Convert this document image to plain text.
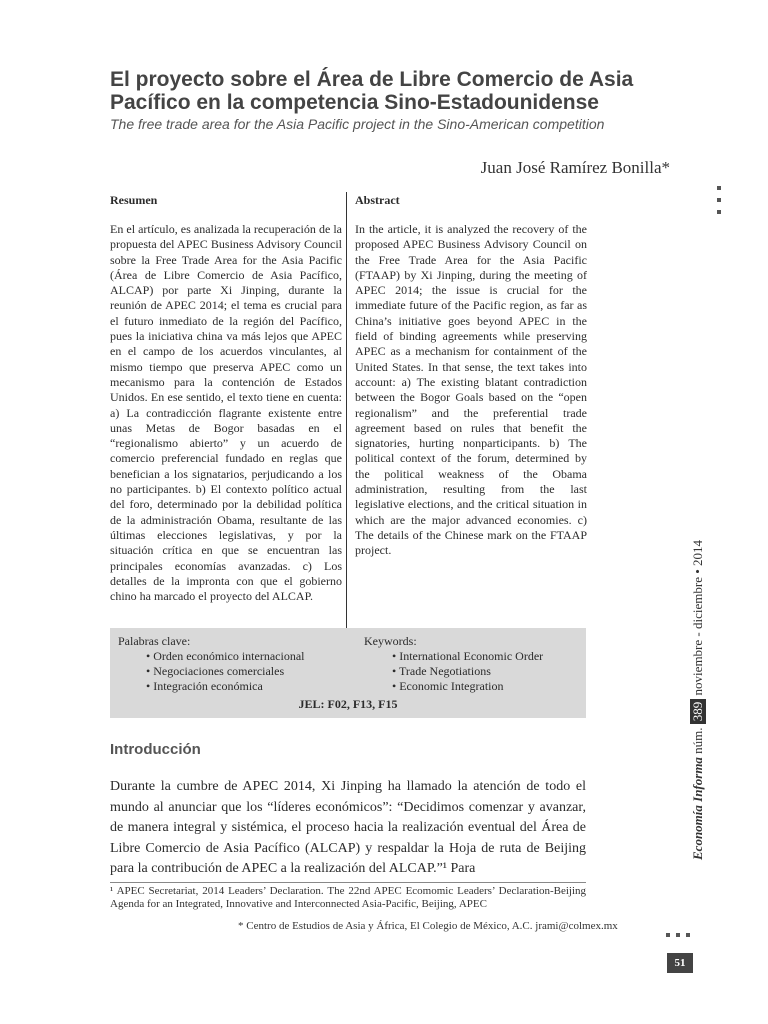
El proyecto sobre el Área de Libre Comercio de Asia Pacífico en la competencia Sino-Estadounidense
The free trade area for the Asia Pacific project in the Sino-American competition
Juan José Ramírez Bonilla*
Resumen	Abstract
En el artículo, es analizada la recuperación de la propuesta del APEC Business Advisory Council sobre la Free Trade Area for the Asia Pacific (Área de Libre Comercio de Asia Pacífico, ALCAP) por parte Xi Jinping, durante la reunión de APEC 2014; el tema es crucial para el futuro inmediato de la región del Pacífico, pues la iniciativa china va más lejos que APEC en el campo de los acuerdos vinculantes, al mismo tiempo que preserva APEC como un mecanismo para la contención de Estados Unidos. En ese sentido, el texto tiene en cuenta: a) La contradicción flagrante existente entre unas Metas de Bogor basadas en el “regionalismo abierto” y un acuerdo de comercio preferencial fundado en reglas que benefician a los signatarios, perjudicando a los no participantes. b) El contexto político actual del foro, determinado por la debilidad política de la administración Obama, resultante de las últimas elecciones legislativas, y por la situación crítica en que se encuentran las principales economías avanzadas. c) Los detalles de la impronta con que el gobierno chino ha marcado el proyecto del ALCAP.
In the article, it is analyzed the recovery of the proposed APEC Business Advisory Council on the Free Trade Area for the Asia Pacific (FTAAP) by Xi Jinping, during the meeting of APEC 2014; the issue is crucial for the immediate future of the Pacific region, as far as China’s initiative goes beyond APEC in the field of binding agreements while preserving APEC as a mechanism for containment of the United States. In that sense, the text takes into account: a) The existing blatant contradiction between the Bogor Goals based on the “open regionalism” and the preferential trade agreement based on rules that benefit the signatories, hurting nonparticipants. b) The political context of the forum, determined by the political weakness of the Obama administration, resulting from the last legislative elections, and the critical situation in which are the major advanced economies. c) The details of the Chinese mark on the FTAAP project.
Palabras clave:
• Orden económico internacional
• Negociaciones comerciales
• Integración económica
Keywords:
• International Economic Order
• Trade Negotiations
• Economic Integration
JEL: F02, F13, F15
Introducción
Durante la cumbre de APEC 2014, Xi Jinping ha llamado la atención de todo el mundo al anunciar que los “líderes económicos”: “Decidimos comenzar y avanzar, de manera integral y sistémica, el proceso hacia la realización eventual del Área de Libre Comercio de Asia Pacífico (ALCAP) y respaldar la Hoja de ruta de Beijing para la contribución de APEC a la realización del ALCAP.”¹ Para
¹ APEC Secretariat, 2014 Leaders’ Declaration. The 22nd APEC Ecomomic Leaders’ Declaration-Beijing Agenda for an Integrated, Innovative and Interconnected Asia-Pacific, Beijing, APEC
* Centro de Estudios de Asia y África, El Colegio de México, A.C. jrami@colmex.mx
Economía Informa núm. 389 noviembre - diciembre • 2014
51
